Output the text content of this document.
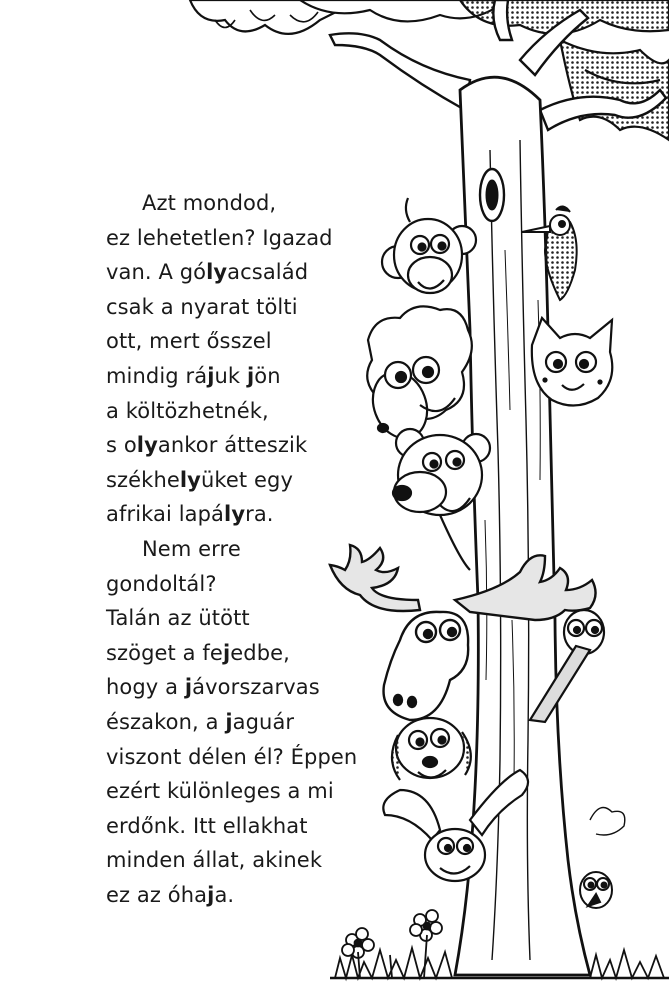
Azt mondod,
ez lehetetlen? Igazad
van. A gólyacsalád
csak a nyarat tölti
ott, mert ősszel
mindig rájuk jön
a költözhetnék,
s olyankor átteszik
székhelyüket egy
afrikai lapályra.
Nem erre
gondoltál?
Talán az ütött
szöget a fejedbe,
hogy a jávorszarvas
északon, a jaguár
viszont délen él? Éppen
ezért különleges a mi
erdőnk. Itt ellakhat
minden állat, akinek
ez az óhaja.
